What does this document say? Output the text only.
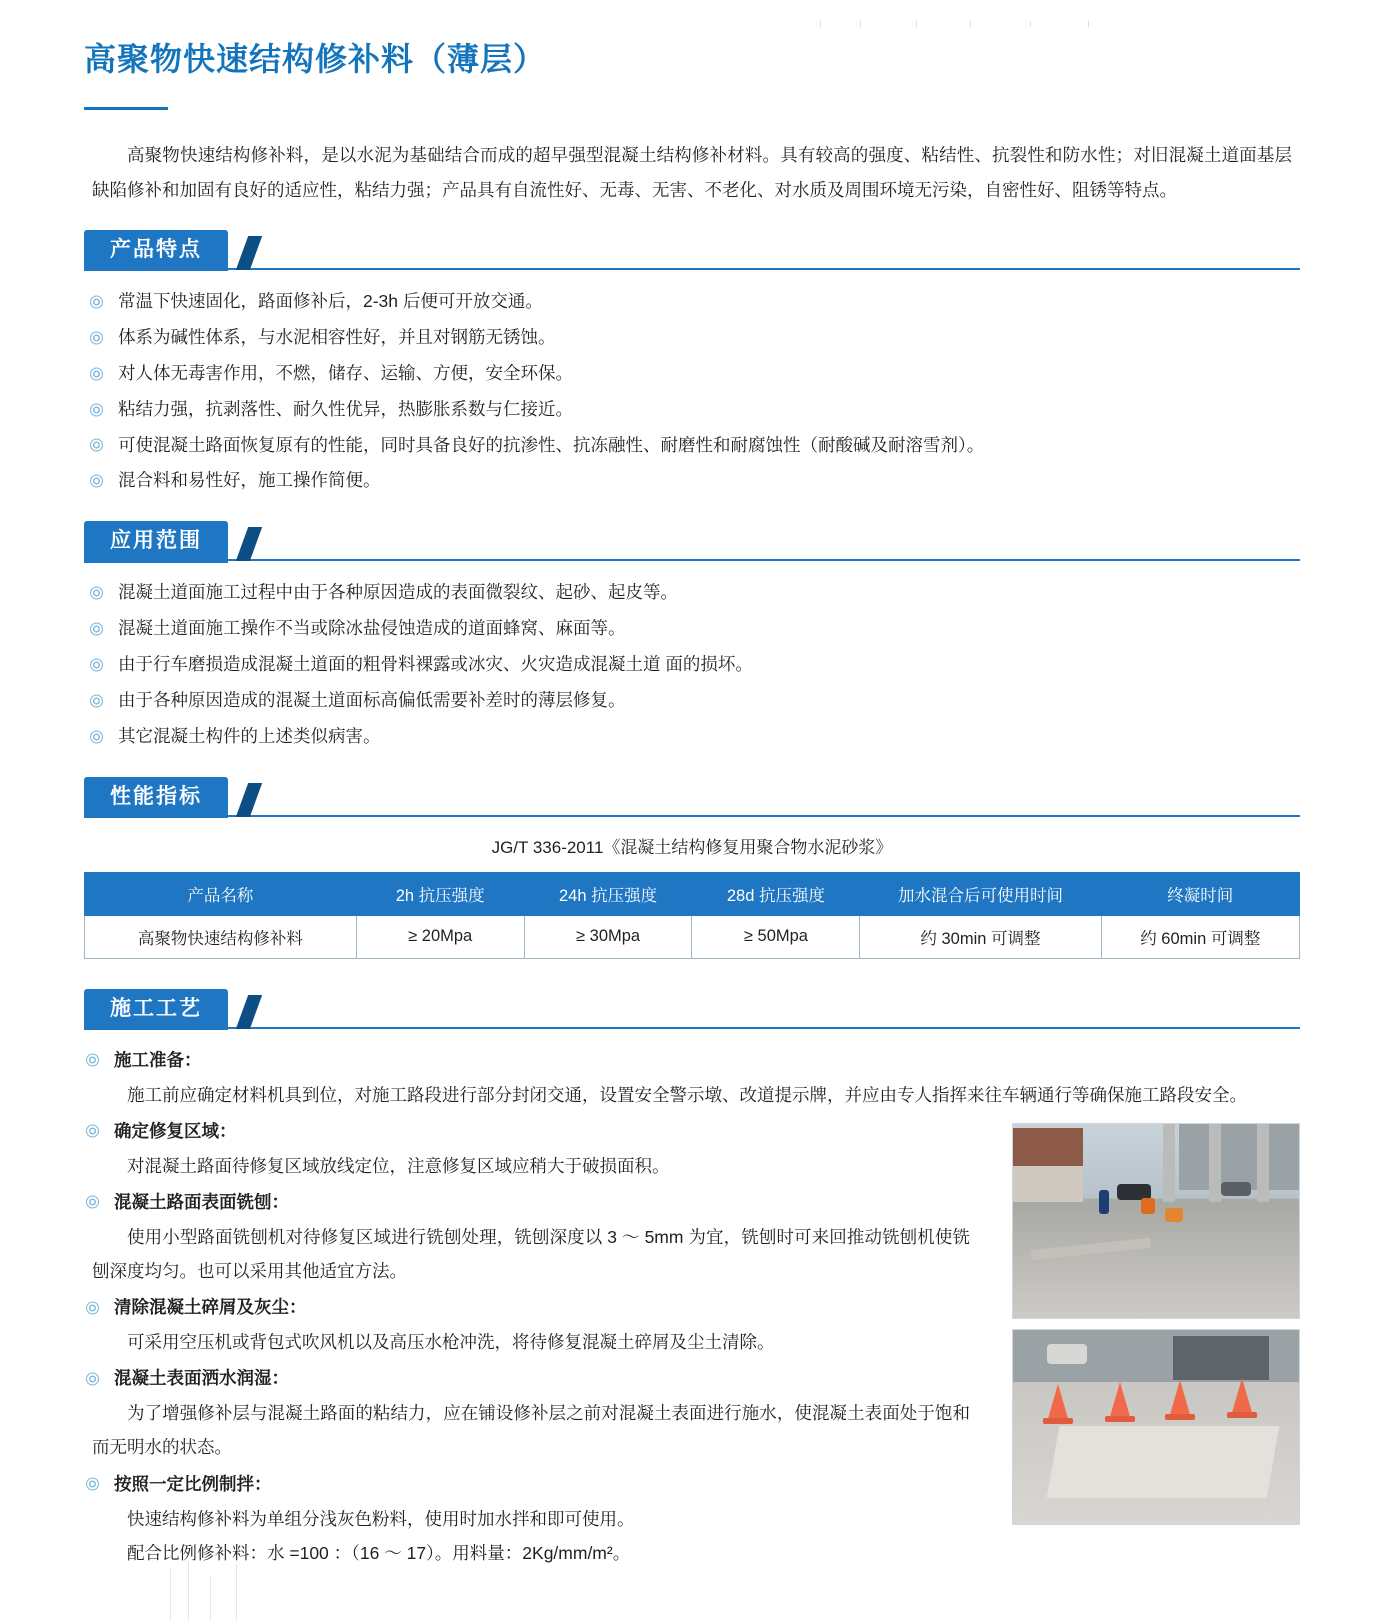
高聚物快速结构修补料（薄层）

高聚物快速结构修补料，是以水泥为基础结合而成的超早强型混凝土结构修补材料。具有较高的强度、粘结性、抗裂性和防水性；对旧混凝土道面基层缺陷修补和加固有良好的适应性，粘结力强；产品具有自流性好、无毒、无害、不老化、对水质及周围环境无污染，自密性好、阻锈等特点。

产品特点
常温下快速固化，路面修补后，2-3h 后便可开放交通。
体系为碱性体系，与水泥相容性好，并且对钢筋无锈蚀。
对人体无毒害作用，不燃，储存、运输、方便，安全环保。
粘结力强，抗剥落性、耐久性优异，热膨胀系数与仁接近。
可使混凝土路面恢复原有的性能，同时具备良好的抗渗性、抗冻融性、耐磨性和耐腐蚀性（耐酸碱及耐溶雪剂）。
混合料和易性好，施工操作简便。
应用范围
混凝土道面施工过程中由于各种原因造成的表面微裂纹、起砂、起皮等。
混凝土道面施工操作不当或除冰盐侵蚀造成的道面蜂窝、麻面等。
由于行车磨损造成混凝土道面的粗骨料裸露或冰灾、火灾造成混凝土道 面的损坏。
由于各种原因造成的混凝土道面标高偏低需要补差时的薄层修复。
其它混凝土构件的上述类似病害。
性能指标
JG/T 336-2011《混凝土结构修复用聚合物水泥砂浆》
产品名称	2h 抗压强度	24h 抗压强度	28d 抗压强度	加水混合后可使用时间	终凝时间
高聚物快速结构修补料	≥ 20Mpa	≥ 30Mpa	≥ 50Mpa	约 30min 可调整	约 60min 可调整
施工工艺
施工准备：
施工前应确定材料机具到位，对施工路段进行部分封闭交通，设置安全警示墩、改道提示牌，并应由专人指挥来往车辆通行等确保施工路段安全。
确定修复区域：
对混凝土路面待修复区域放线定位，注意修复区域应稍大于破损面积。
混凝土路面表面铣刨：
使用小型路面铣刨机对待修复区域进行铣刨处理，铣刨深度以 3 ～ 5mm 为宜，铣刨时可来回推动铣刨机使铣刨深度均匀。也可以采用其他适宜方法。
清除混凝土碎屑及灰尘：
可采用空压机或背包式吹风机以及高压水枪冲洗，将待修复混凝土碎屑及尘土清除。
混凝土表面洒水润湿：
为了增强修补层与混凝土路面的粘结力，应在铺设修补层之前对混凝土表面进行施水，使混凝土表面处于饱和而无明水的状态。
按照一定比例制拌：
快速结构修补料为单组分浅灰色粉料，使用时加水拌和即可使用。
配合比例修补料：水 =100 ：（16 ～ 17）。用料量：2Kg/mm/m²。
